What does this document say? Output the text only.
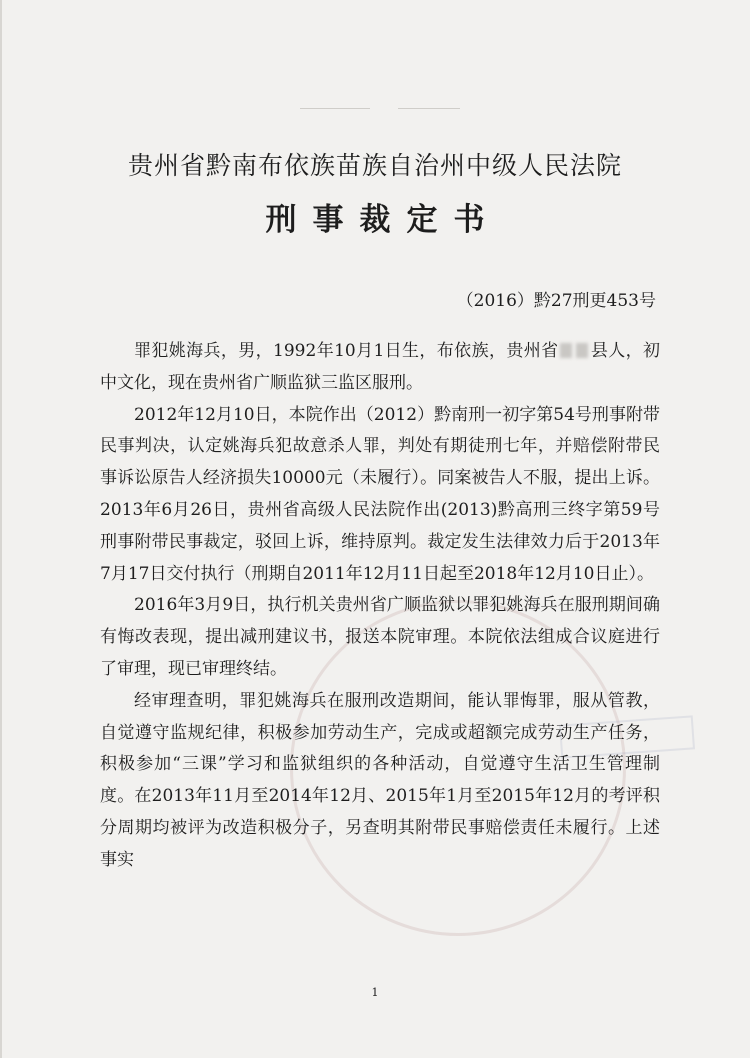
贵州省黔南布依族苗族自治州中级人民法院
刑事裁定书
（2016）黔27刑更453号

罪犯姚海兵，男，1992年10月1日生，布依族，贵州省 县人，初中文化，现在贵州省广顺监狱三监区服刑。

2012年12月10日，本院作出（2012）黔南刑一初字第54号刑事附带民事判决，认定姚海兵犯故意杀人罪，判处有期徒刑七年，并赔偿附带民事诉讼原告人经济损失10000元（未履行）。同案被告人不服，提出上诉。2013年6月26日，贵州省高级人民法院作出(2013)黔高刑三终字第59号刑事附带民事裁定，驳回上诉，维持原判。裁定发生法律效力后于2013年7月17日交付执行（刑期自2011年12月11日起至2018年12月10日止）。

2016年3月9日，执行机关贵州省广顺监狱以罪犯姚海兵在服刑期间确有悔改表现，提出减刑建议书，报送本院审理。本院依法组成合议庭进行了审理，现已审理终结。

经审理查明，罪犯姚海兵在服刑改造期间，能认罪悔罪，服从管教，自觉遵守监规纪律，积极参加劳动生产，完成或超额完成劳动生产任务，积极参加“三课”学习和监狱组织的各种活动，自觉遵守生活卫生管理制度。在2013年11月至2014年12月、2015年1月至2015年12月的考评积分周期均被评为改造积极分子，另查明其附带民事赔偿责任未履行。上述事实

1
